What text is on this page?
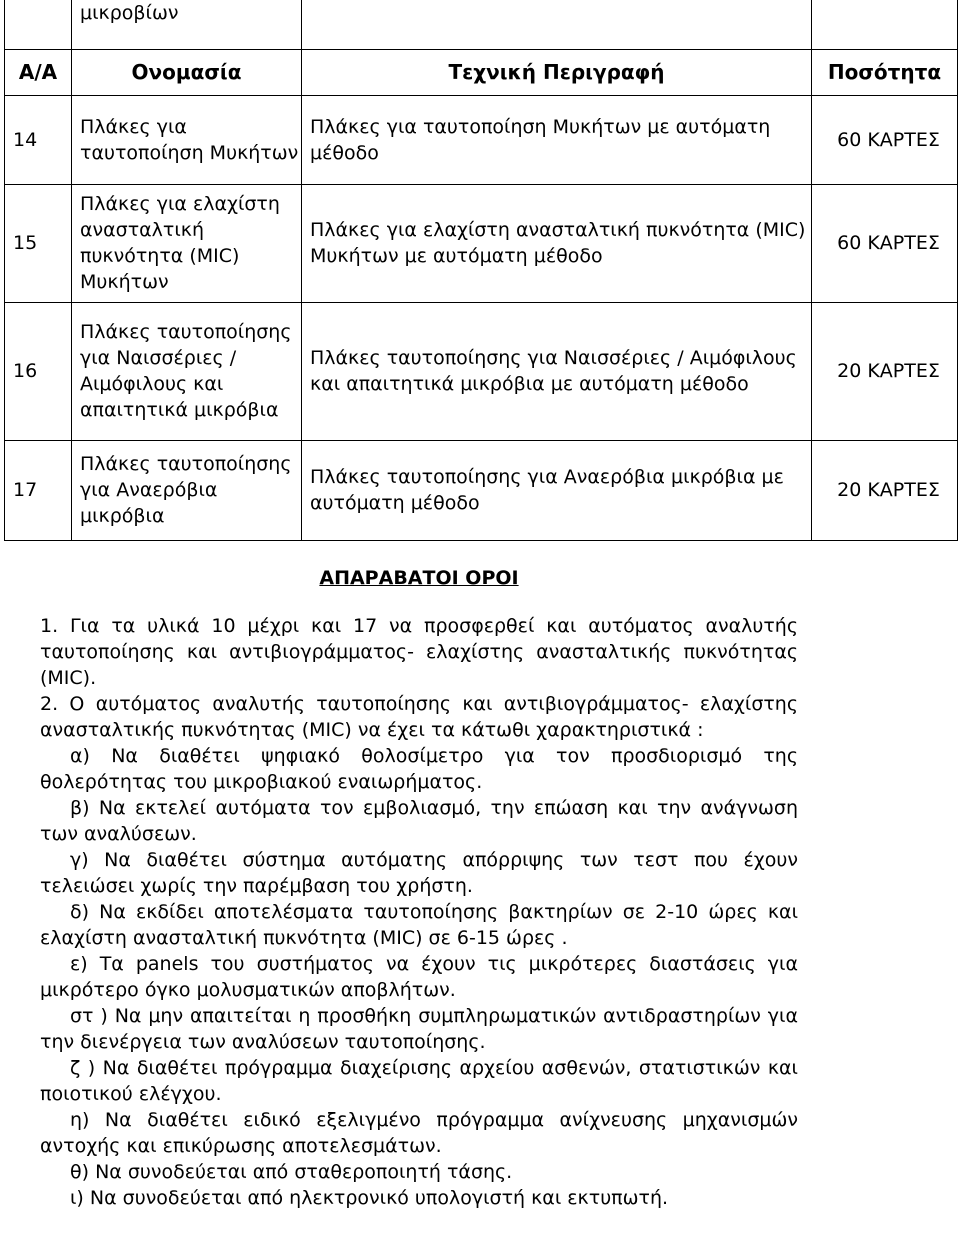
	μικροβίων		
Α/Α	Ονομασία	Τεχνική Περιγραφή	Ποσότητα
14	Πλάκες για ταυτοποίηση Μυκήτων	Πλάκες για ταυτοποίηση Μυκήτων με αυτόματη μέθοδο	60 ΚΑΡΤΕΣ
15	Πλάκες για ελαχίστη ανασταλτική πυκνότητα (MIC) Μυκήτων	Πλάκες για ελαχίστη ανασταλτική πυκνότητα (MIC) Μυκήτων με αυτόματη μέθοδο	60 ΚΑΡΤΕΣ
16	Πλάκες ταυτοποίησης για Ναισσέριες /Αιμόφιλους και απαιτητικά μικρόβια	Πλάκες ταυτοποίησης για Ναισσέριες / Αιμόφιλους και απαιτητικά μικρόβια με αυτόματη μέθοδο	20 ΚΑΡΤΕΣ
17	Πλάκες ταυτοποίησης για Αναερόβια μικρόβια	Πλάκες ταυτοποίησης για Αναερόβια μικρόβια με αυτόματη μέθοδο	20 ΚΑΡΤΕΣ
ΑΠΑΡΑΒΑΤΟΙ ΟΡΟΙ

1. Για τα υλικά 10 μέχρι και 17 να προσφερθεί και αυτόματος αναλυτής ταυτοποίησης και αντιβιογράμματος- ελαχίστης ανασταλτικής πυκνότητας (MIC).

2. Ο αυτόματος αναλυτής ταυτοποίησης και αντιβιογράμματος- ελαχίστης ανασταλτικής πυκνότητας (MIC) να έχει τα κάτωθι χαρακτηριστικά :

α) Να διαθέτει ψηφιακό θολοσίμετρο για τον προσδιορισμό της θολερότητας του μικροβιακού εναιωρήματος.

β) Να εκτελεί αυτόματα τον εμβολιασμό, την επώαση και την ανάγνωση των αναλύσεων.

γ) Να διαθέτει σύστημα αυτόματης απόρριψης των τεστ που έχουν τελειώσει χωρίς την παρέμβαση του χρήστη.

δ) Να εκδίδει αποτελέσματα ταυτοποίησης βακτηρίων σε 2-10 ώρες και ελαχίστη ανασταλτική πυκνότητα (MIC) σε 6-15 ώρες .

ε) Τα panels του συστήματος να έχουν τις μικρότερες διαστάσεις για μικρότερο όγκο μολυσματικών αποβλήτων.

στ ) Να μην απαιτείται η προσθήκη συμπληρωματικών αντιδραστηρίων για την διενέργεια των αναλύσεων ταυτοποίησης.

ζ ) Να διαθέτει πρόγραμμα διαχείρισης αρχείου ασθενών, στατιστικών και ποιοτικού ελέγχου.

η) Να διαθέτει ειδικό εξελιγμένο πρόγραμμα ανίχνευσης μηχανισμών αντοχής και επικύρωσης αποτελεσμάτων.

θ) Να συνοδεύεται από σταθεροποιητή τάσης.

ι) Να συνοδεύεται από ηλεκτρονικό υπολογιστή και εκτυπωτή.
